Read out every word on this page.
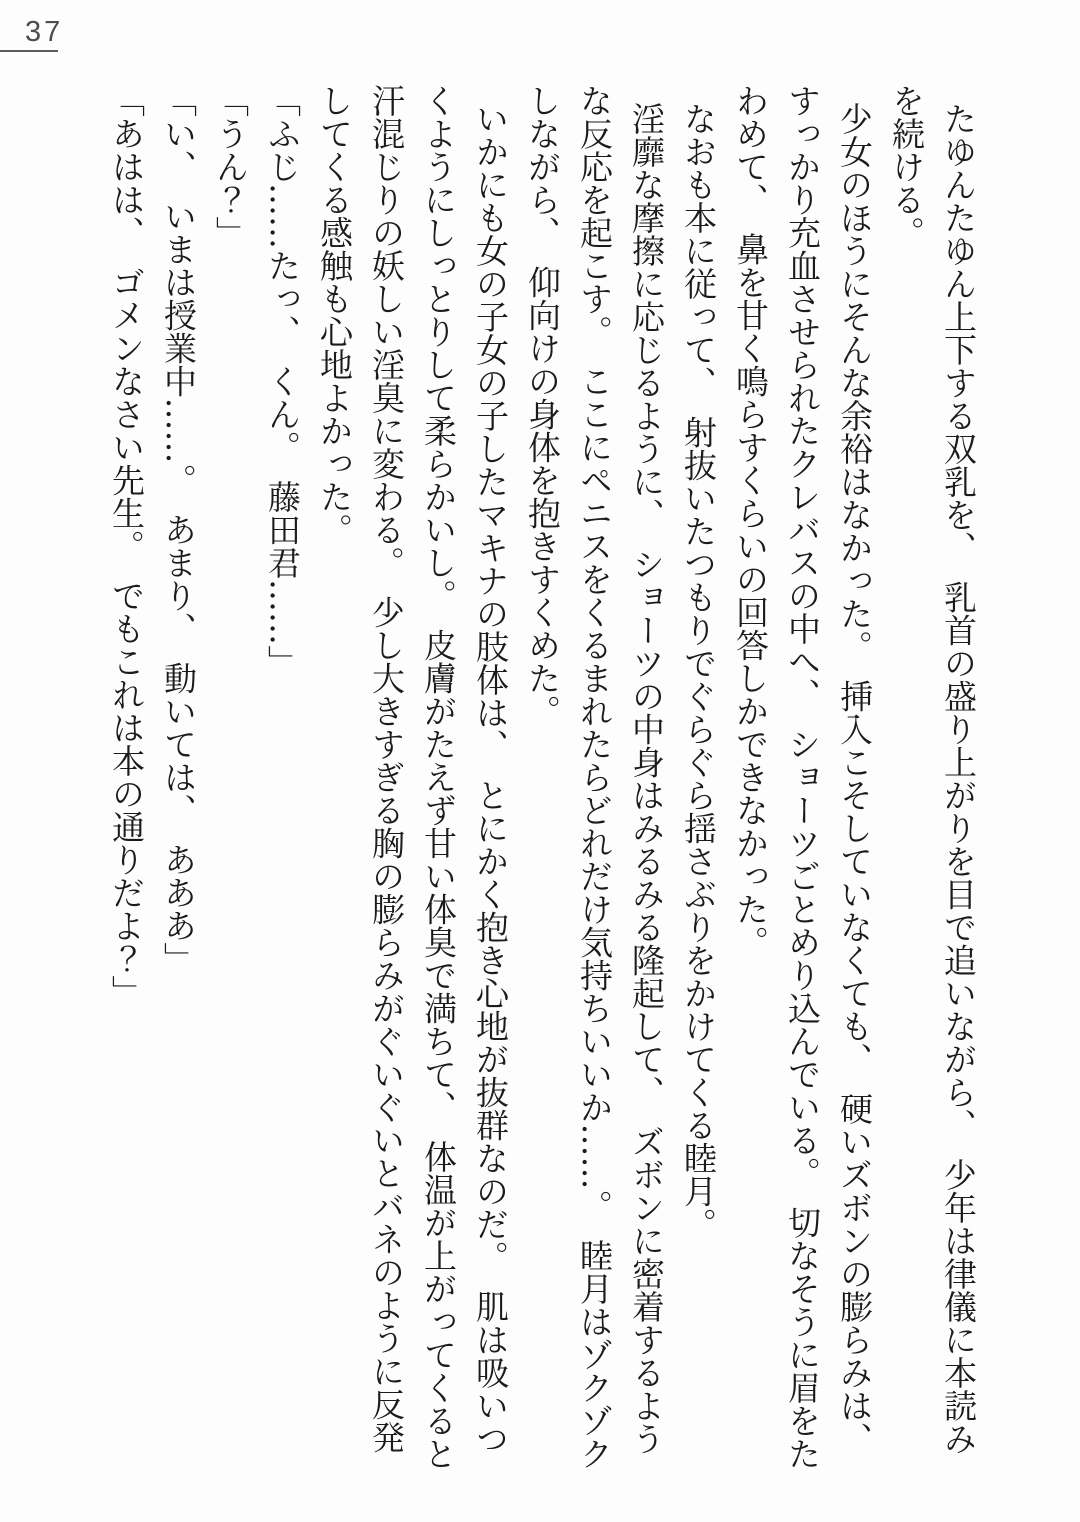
37

たゆんたゆん上下する双乳を、　乳首の盛り上がりを目で追いながら、　少年は律儀に本読みを続ける。

少女のほうにそんな余裕はなかった。　挿入こそしていなくても、　硬いズボンの膨らみは、すっかり充血させられたクレバスの中へ、　ショーツごとめり込んでいる。　切なそうに眉をたわめて、　鼻を甘く鳴らすくらいの回答しかできなかった。

なおも本に従って、　射抜いたつもりでぐらぐら揺さぶりをかけてくる睦月。

淫靡な摩擦に応じるように、　ショーツの中身はみるみる隆起して、　ズボンに密着するような反応を起こす。　ここにペニスをくるまれたらどれだけ気持ちいいか……。　睦月はゾクゾクしながら、　仰向けの身体を抱きすくめた。

いかにも女の子女の子したマキナの肢体は、　とにかく抱き心地が抜群なのだ。　肌は吸いつくようにしっとりして柔らかいし。　皮膚がたえず甘い体臭で満ちて、　体温が上がってくると汗混じりの妖しい淫臭に変わる。　少し大きすぎる胸の膨らみがぐいぐいとバネのように反発してくる感触も心地よかった。

「ふじ……たっ、　くん。　藤田君……」

「うん？」

「い、　いまは授業中……。　あまり、　動いては、　あああ」

「あはは、　ゴメンなさい先生。　でもこれは本の通りだよ？」
